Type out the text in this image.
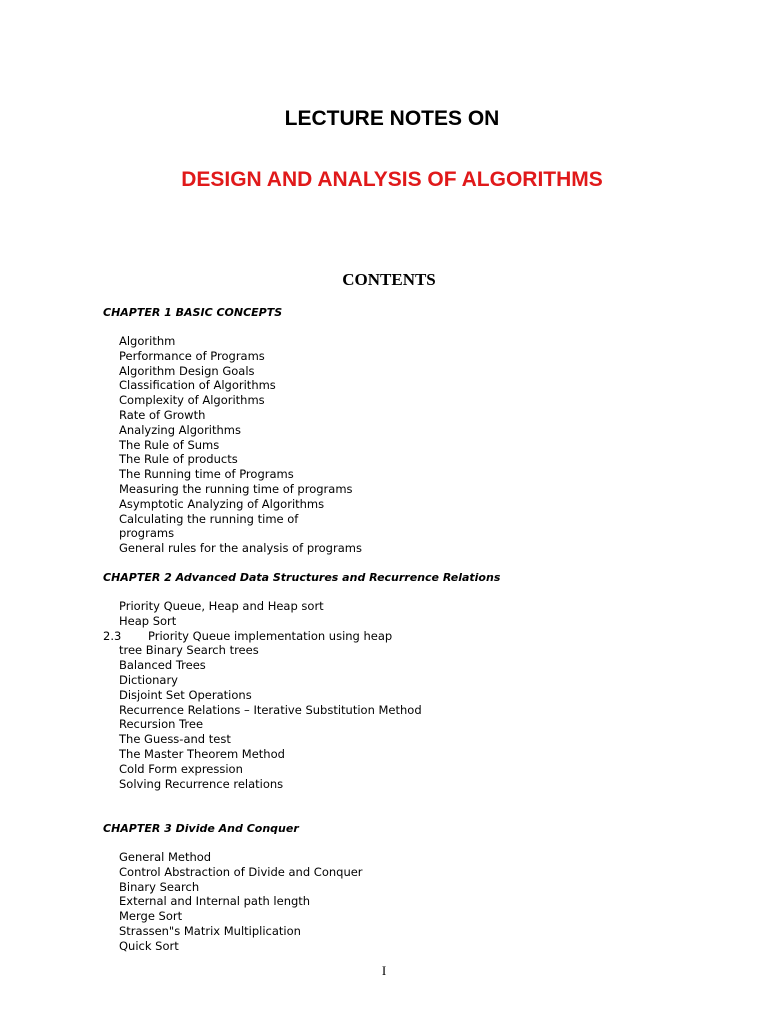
LECTURE NOTES ON
DESIGN AND ANALYSIS OF ALGORITHMS
CONTENTS
CHAPTER 1 BASIC CONCEPTS
Algorithm
Performance of Programs
Algorithm Design Goals
Classification of Algorithms
Complexity of Algorithms
Rate of Growth
Analyzing Algorithms
The Rule of Sums
The Rule of products
The Running time of Programs
Measuring the running time of programs
Asymptotic Analyzing of Algorithms
Calculating the running time of
programs
General rules for the analysis of programs
CHAPTER 2 Advanced Data Structures and Recurrence Relations
Priority Queue, Heap and Heap sort
Heap Sort
2.3 Priority Queue implementation using heap
tree Binary Search trees
Balanced Trees
Dictionary
Disjoint Set Operations
Recurrence Relations – Iterative Substitution Method
Recursion Tree
The Guess-and test
The Master Theorem Method
Cold Form expression
Solving Recurrence relations
CHAPTER 3 Divide And Conquer
General Method
Control Abstraction of Divide and Conquer
Binary Search
External and Internal path length
Merge Sort
Strassen"s Matrix Multiplication
Quick Sort
I
